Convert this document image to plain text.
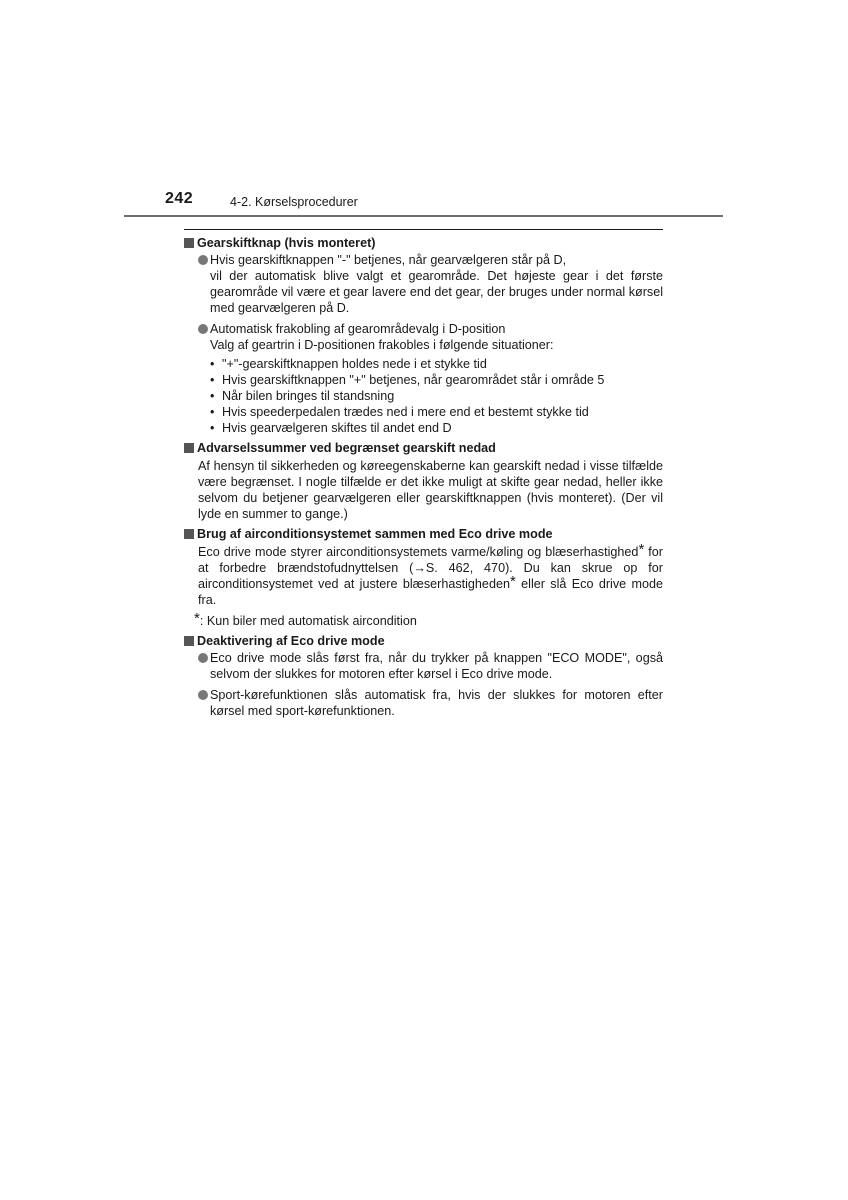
242	4-2. Kørselsprocedurer
Gearskiftknap (hvis monteret)
Hvis gearskiftknappen "-" betjenes, når gearvælgeren står på D,
vil der automatisk blive valgt et gearområde. Det højeste gear i det første gearområde vil være et gear lavere end det gear, der bruges under normal kørsel med gearvælgeren på D.
Automatisk frakobling af gearområdevalg i D-position
Valg af geartrin i D-positionen frakobles i følgende situationer:
• "+"-gearskiftknappen holdes nede i et stykke tid
• Hvis gearskiftknappen "+" betjenes, når gearområdet står i område 5
• Når bilen bringes til standsning
• Hvis speederpedalen trædes ned i mere end et bestemt stykke tid
• Hvis gearvælgeren skiftes til andet end D
Advarselssummer ved begrænset gearskift nedad
Af hensyn til sikkerheden og køreegenskaberne kan gearskift nedad i visse tilfælde være begrænset. I nogle tilfælde er det ikke muligt at skifte gear nedad, heller ikke selvom du betjener gearvælgeren eller gearskiftknappen (hvis monteret). (Der vil lyde en summer to gange.)
Brug af airconditionsystemet sammen med Eco drive mode
Eco drive mode styrer airconditionsystemets varme/køling og blæserhastighed* for at forbedre brændstofudnyttelsen (→S. 462, 470). Du kan skrue op for airconditionsystemet ved at justere blæserhastigheden* eller slå Eco drive mode fra.
*: Kun biler med automatisk aircondition
Deaktivering af Eco drive mode
Eco drive mode slås først fra, når du trykker på knappen "ECO MODE", også selvom der slukkes for motoren efter kørsel i Eco drive mode.
Sport-kørefunktionen slås automatisk fra, hvis der slukkes for motoren efter kørsel med sport-kørefunktionen.
